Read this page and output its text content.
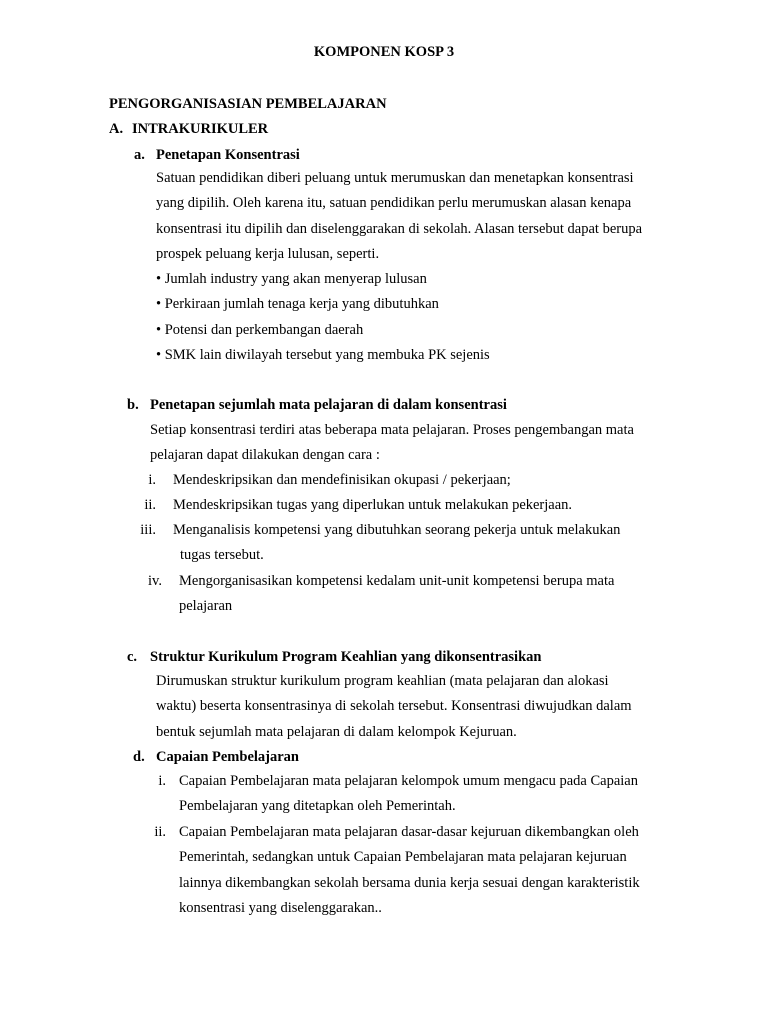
KOMPONEN KOSP 3
PENGORGANISASIAN PEMBELAJARAN
A. INTRAKURIKULER
a. Penetapan Konsentrasi
Satuan pendidikan diberi peluang untuk merumuskan dan menetapkan konsentrasi
yang dipilih. Oleh karena itu, satuan pendidikan perlu merumuskan alasan kenapa
konsentrasi itu dipilih dan diselenggarakan di sekolah. Alasan tersebut dapat berupa
prospek peluang kerja lulusan, seperti.
• Jumlah industry yang akan menyerap lulusan
• Perkiraan jumlah tenaga kerja yang dibutuhkan
• Potensi dan perkembangan daerah
• SMK lain diwilayah tersebut yang membuka PK sejenis
b. Penetapan sejumlah mata pelajaran di dalam konsentrasi
Setiap konsentrasi terdiri atas beberapa mata pelajaran. Proses pengembangan mata
pelajaran dapat dilakukan dengan cara :
i. Mendeskripsikan dan mendefinisikan okupasi / pekerjaan;
ii. Mendeskripsikan tugas yang diperlukan untuk melakukan pekerjaan.
iii. Menganalisis kompetensi yang dibutuhkan seorang pekerja untuk melakukan
tugas tersebut.
iv. Mengorganisasikan kompetensi kedalam unit-unit kompetensi berupa mata
pelajaran
c. Struktur Kurikulum Program Keahlian yang dikonsentrasikan
Dirumuskan struktur kurikulum program keahlian (mata pelajaran dan alokasi
waktu) beserta konsentrasinya di sekolah tersebut. Konsentrasi diwujudkan dalam
bentuk sejumlah mata pelajaran di dalam kelompok Kejuruan.
d. Capaian Pembelajaran
i. Capaian Pembelajaran mata pelajaran kelompok umum mengacu pada Capaian
Pembelajaran yang ditetapkan oleh Pemerintah.
ii. Capaian Pembelajaran mata pelajaran dasar-dasar kejuruan dikembangkan oleh
Pemerintah, sedangkan untuk Capaian Pembelajaran mata pelajaran kejuruan
lainnya dikembangkan sekolah bersama dunia kerja sesuai dengan karakteristik
konsentrasi yang diselenggarakan..
